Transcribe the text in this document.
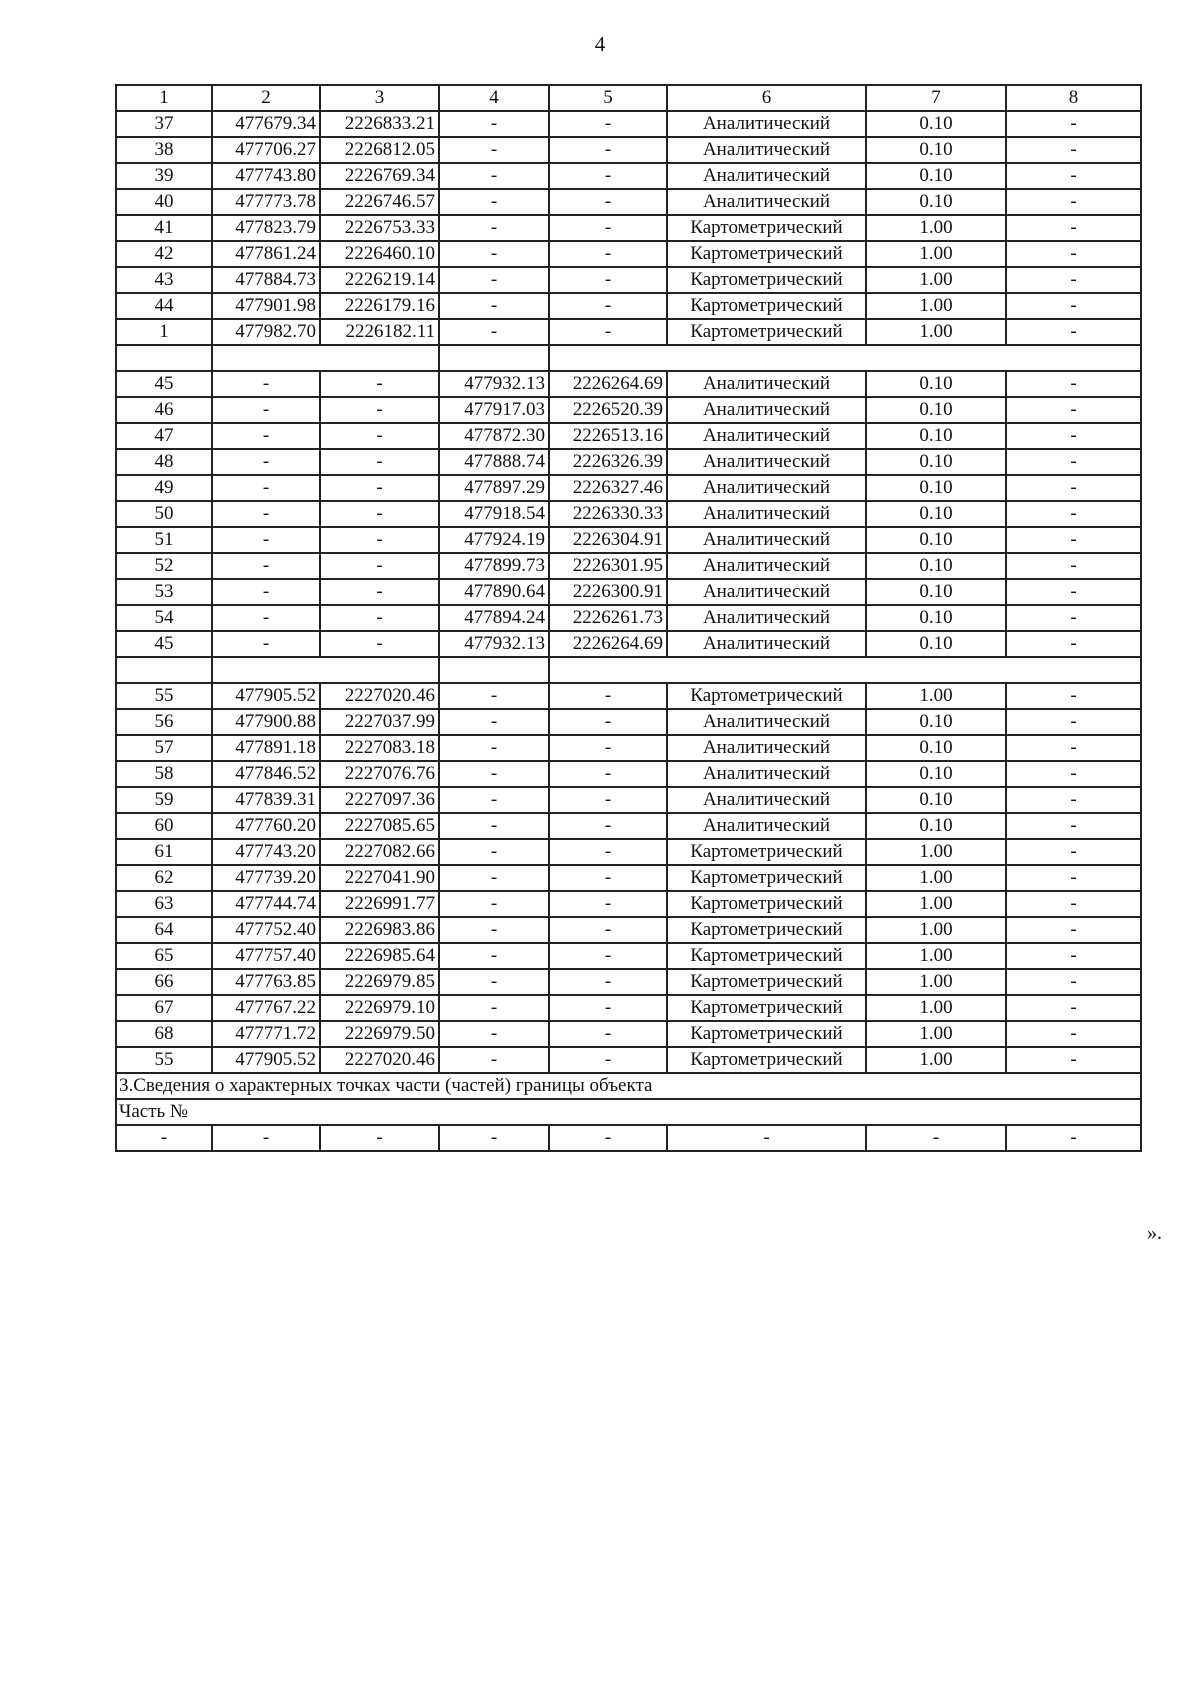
4
1	2	3	4	5	6	7	8
37	477679.34	2226833.21	-	-	Аналитический	0.10	-
38	477706.27	2226812.05	-	-	Аналитический	0.10	-
39	477743.80	2226769.34	-	-	Аналитический	0.10	-
40	477773.78	2226746.57	-	-	Аналитический	0.10	-
41	477823.79	2226753.33	-	-	Картометрический	1.00	-
42	477861.24	2226460.10	-	-	Картометрический	1.00	-
43	477884.73	2226219.14	-	-	Картометрический	1.00	-
44	477901.98	2226179.16	-	-	Картометрический	1.00	-
1	477982.70	2226182.11	-	-	Картометрический	1.00	-

45	-	-	477932.13	2226264.69	Аналитический	0.10	-
46	-	-	477917.03	2226520.39	Аналитический	0.10	-
47	-	-	477872.30	2226513.16	Аналитический	0.10	-
48	-	-	477888.74	2226326.39	Аналитический	0.10	-
49	-	-	477897.29	2226327.46	Аналитический	0.10	-
50	-	-	477918.54	2226330.33	Аналитический	0.10	-
51	-	-	477924.19	2226304.91	Аналитический	0.10	-
52	-	-	477899.73	2226301.95	Аналитический	0.10	-
53	-	-	477890.64	2226300.91	Аналитический	0.10	-
54	-	-	477894.24	2226261.73	Аналитический	0.10	-
45	-	-	477932.13	2226264.69	Аналитический	0.10	-

55	477905.52	2227020.46	-	-	Картометрический	1.00	-
56	477900.88	2227037.99	-	-	Аналитический	0.10	-
57	477891.18	2227083.18	-	-	Аналитический	0.10	-
58	477846.52	2227076.76	-	-	Аналитический	0.10	-
59	477839.31	2227097.36	-	-	Аналитический	0.10	-
60	477760.20	2227085.65	-	-	Аналитический	0.10	-
61	477743.20	2227082.66	-	-	Картометрический	1.00	-
62	477739.20	2227041.90	-	-	Картометрический	1.00	-
63	477744.74	2226991.77	-	-	Картометрический	1.00	-
64	477752.40	2226983.86	-	-	Картометрический	1.00	-
65	477757.40	2226985.64	-	-	Картометрический	1.00	-
66	477763.85	2226979.85	-	-	Картометрический	1.00	-
67	477767.22	2226979.10	-	-	Картометрический	1.00	-
68	477771.72	2226979.50	-	-	Картометрический	1.00	-
55	477905.52	2227020.46	-	-	Картометрический	1.00	-
3.Сведения о характерных точках части (частей) границы объекта							
Часть №							
-	-	-	-	-	-	-	-
».
